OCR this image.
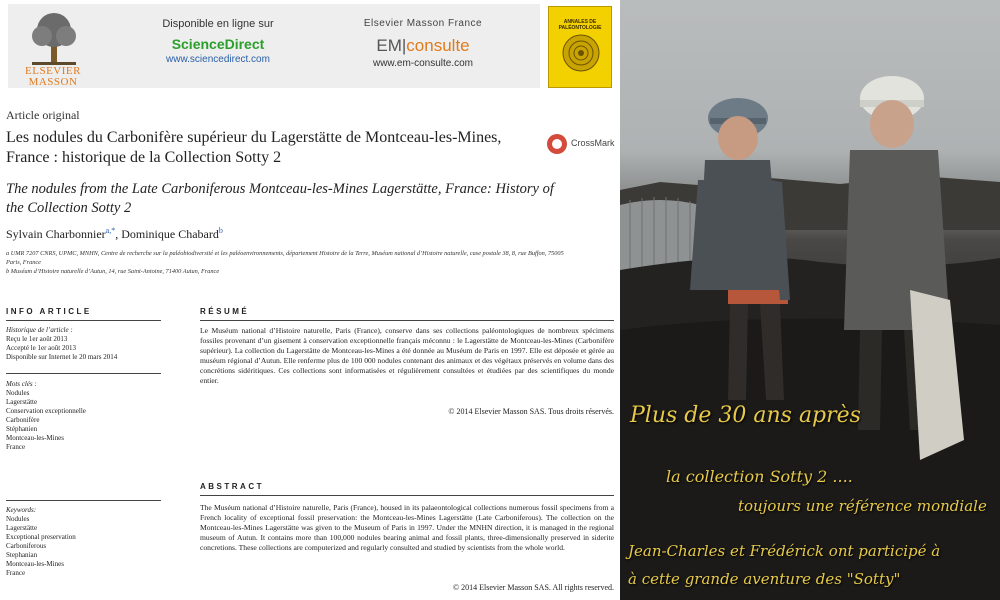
ELSEVIER
MASSON
Disponible en ligne sur
ScienceDirect
www.sciencedirect.com
Elsevier Masson France
EM|consulte
www.em-consulte.com
ANNALES DE PALÉONTOLOGIE
Article original
Les nodules du Carbonifère supérieur du Lagerstätte de Montceau-les-Mines, France : historique de la Collection Sotty 2
CrossMark
The nodules from the Late Carboniferous Montceau-les-Mines Lagerstätte, France: History of the Collection Sotty 2
Sylvain Charbonnier$^{a,*}$, Dominique Chabard$^b$
a UMR 7207 CNRS, UPMC, MNHN, Centre de recherche sur la paléobiodiversité et les paléoenvironnements, département Histoire de la Terre, Muséum national d’Histoire naturelle, case postale 38, 8, rue Buffon, 75005 Paris, France
b Muséum d’Histoire naturelle d’Autun, 14, rue Saint-Antoine, 71400 Autun, France
INFO ARTICLE
Historique de l’article :
Reçu le 1er août 2013
Accepté le 1er août 2013
Disponible sur Internet le 20 mars 2014
Mots clés :
Nodules
Lagerstätte
Conservation exceptionnelle
Carbonifère
Stéphanien
Montceau-les-Mines
France
RÉSUMÉ
Le Muséum national d’Histoire naturelle, Paris (France), conserve dans ses collections paléontologiques de nombreux spécimens fossiles provenant d’un gisement à conservation exceptionnelle français méconnu : le Lagerstätte de Montceau-les-Mines (Carbonifère supérieur). La collection du Lagerstätte de Montceau-les-Mines a été donnée au Muséum de Paris en 1997. Elle est déposée et gérée au muséum régional d’Autun. Elle renferme plus de 100 000 nodules contenant des animaux et des végétaux préservés en volume dans des concrétions sidéritiques. Ces collections sont informatisées et régulièrement consultées et étudiées par des scientifiques du monde entier.
© 2014 Elsevier Masson SAS. Tous droits réservés.
Keywords:
Nodules
Lagerstätte
Exceptional preservation
Carboniferous
Stephanian
Montceau-les-Mines
France
ABSTRACT
The Muséum national d’Histoire naturelle, Paris (France), housed in its palaeontological collections numerous fossil specimens from a French locality of exceptional fossil preservation: the Montceau-les-Mines Lagerstätte (Late Carboniferous). The collection on the Montceau-les-Mines Lagerstätte was given to the Museum of Paris in 1997. Under the MNHN direction, it is managed in the regional museum of Autun. It contains more than 100,000 nodules bearing animal and fossil plants, three-dimensionally preserved in siderite concretions. These collections are computerized and regularly consulted and studied by scientists from the whole world.
© 2014 Elsevier Masson SAS. All rights reserved.
Plus de 30 ans après
la collection Sotty 2 ....
toujours une référence mondiale
Jean-Charles et Frédérick ont participé à
à cette grande aventure des "Sotty"
